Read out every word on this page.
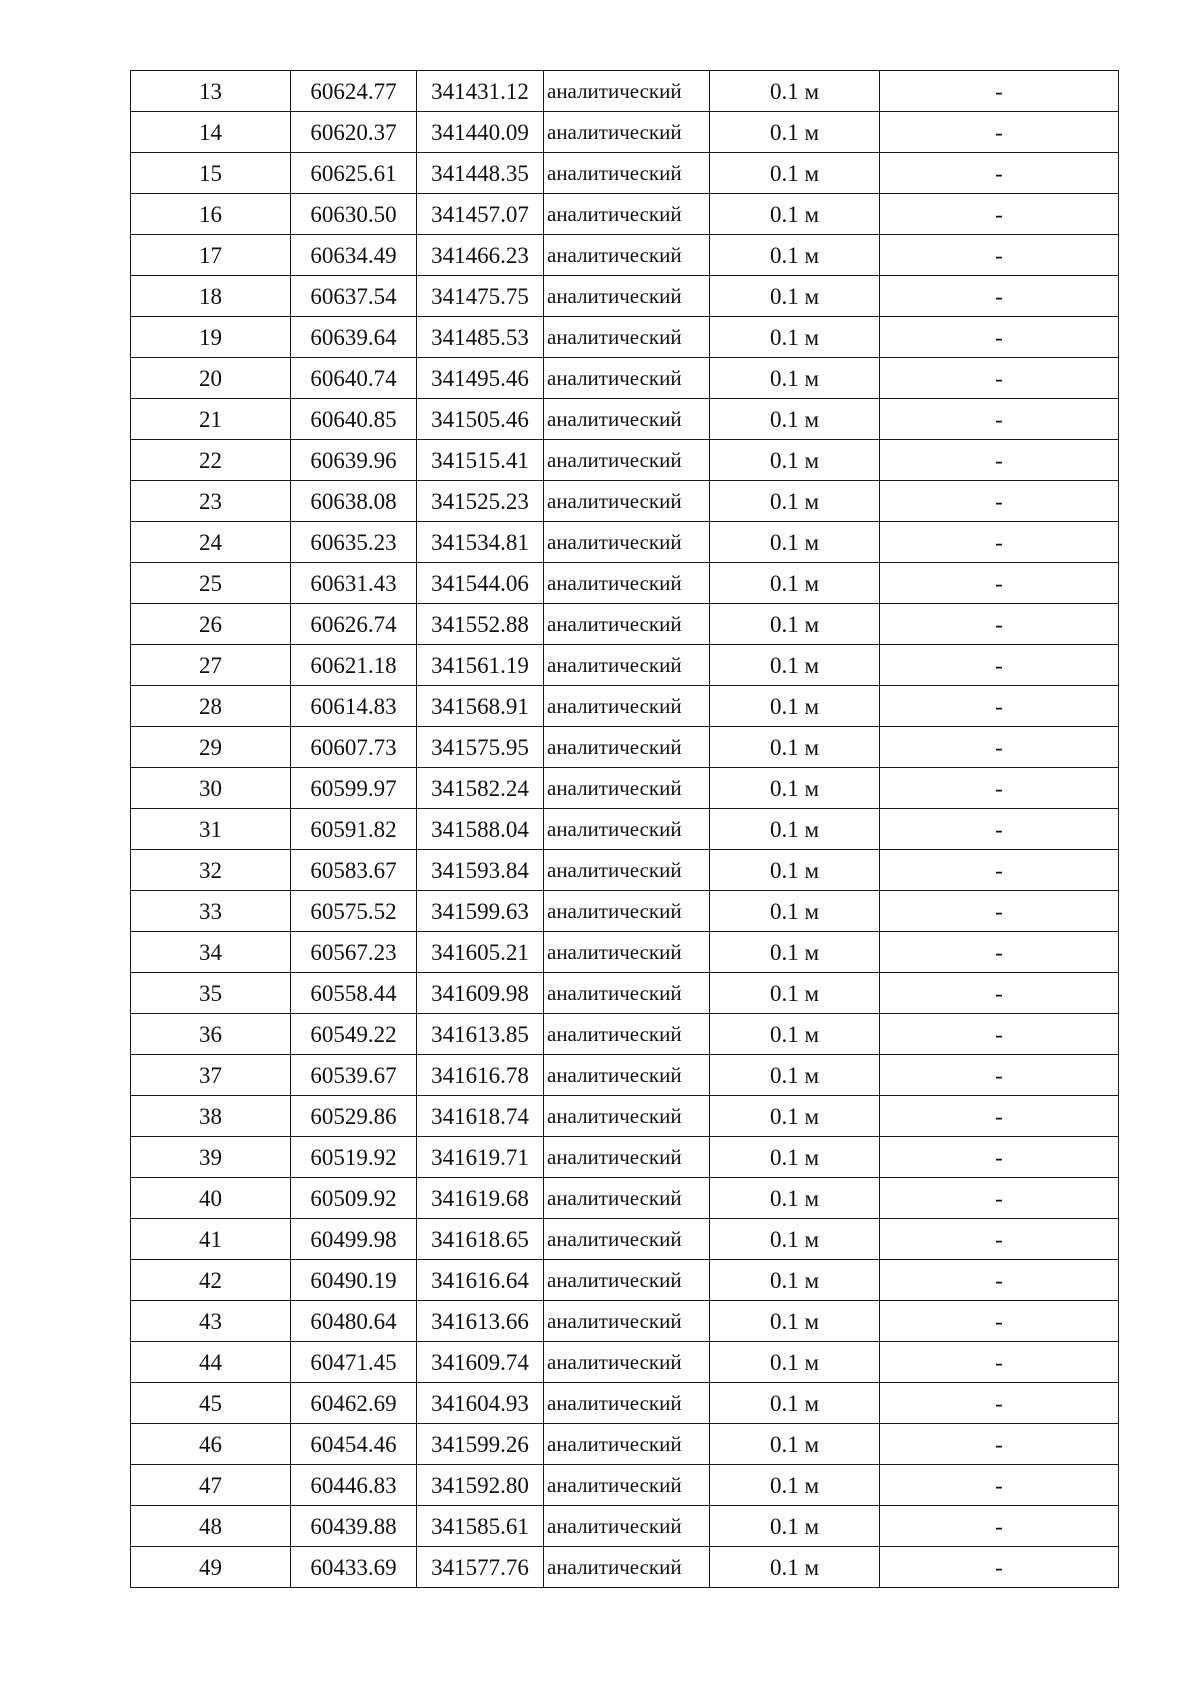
13	60624.77	341431.12	аналитический	0.1 м	-
14	60620.37	341440.09	аналитический	0.1 м	-
15	60625.61	341448.35	аналитический	0.1 м	-
16	60630.50	341457.07	аналитический	0.1 м	-
17	60634.49	341466.23	аналитический	0.1 м	-
18	60637.54	341475.75	аналитический	0.1 м	-
19	60639.64	341485.53	аналитический	0.1 м	-
20	60640.74	341495.46	аналитический	0.1 м	-
21	60640.85	341505.46	аналитический	0.1 м	-
22	60639.96	341515.41	аналитический	0.1 м	-
23	60638.08	341525.23	аналитический	0.1 м	-
24	60635.23	341534.81	аналитический	0.1 м	-
25	60631.43	341544.06	аналитический	0.1 м	-
26	60626.74	341552.88	аналитический	0.1 м	-
27	60621.18	341561.19	аналитический	0.1 м	-
28	60614.83	341568.91	аналитический	0.1 м	-
29	60607.73	341575.95	аналитический	0.1 м	-
30	60599.97	341582.24	аналитический	0.1 м	-
31	60591.82	341588.04	аналитический	0.1 м	-
32	60583.67	341593.84	аналитический	0.1 м	-
33	60575.52	341599.63	аналитический	0.1 м	-
34	60567.23	341605.21	аналитический	0.1 м	-
35	60558.44	341609.98	аналитический	0.1 м	-
36	60549.22	341613.85	аналитический	0.1 м	-
37	60539.67	341616.78	аналитический	0.1 м	-
38	60529.86	341618.74	аналитический	0.1 м	-
39	60519.92	341619.71	аналитический	0.1 м	-
40	60509.92	341619.68	аналитический	0.1 м	-
41	60499.98	341618.65	аналитический	0.1 м	-
42	60490.19	341616.64	аналитический	0.1 м	-
43	60480.64	341613.66	аналитический	0.1 м	-
44	60471.45	341609.74	аналитический	0.1 м	-
45	60462.69	341604.93	аналитический	0.1 м	-
46	60454.46	341599.26	аналитический	0.1 м	-
47	60446.83	341592.80	аналитический	0.1 м	-
48	60439.88	341585.61	аналитический	0.1 м	-
49	60433.69	341577.76	аналитический	0.1 м	-
